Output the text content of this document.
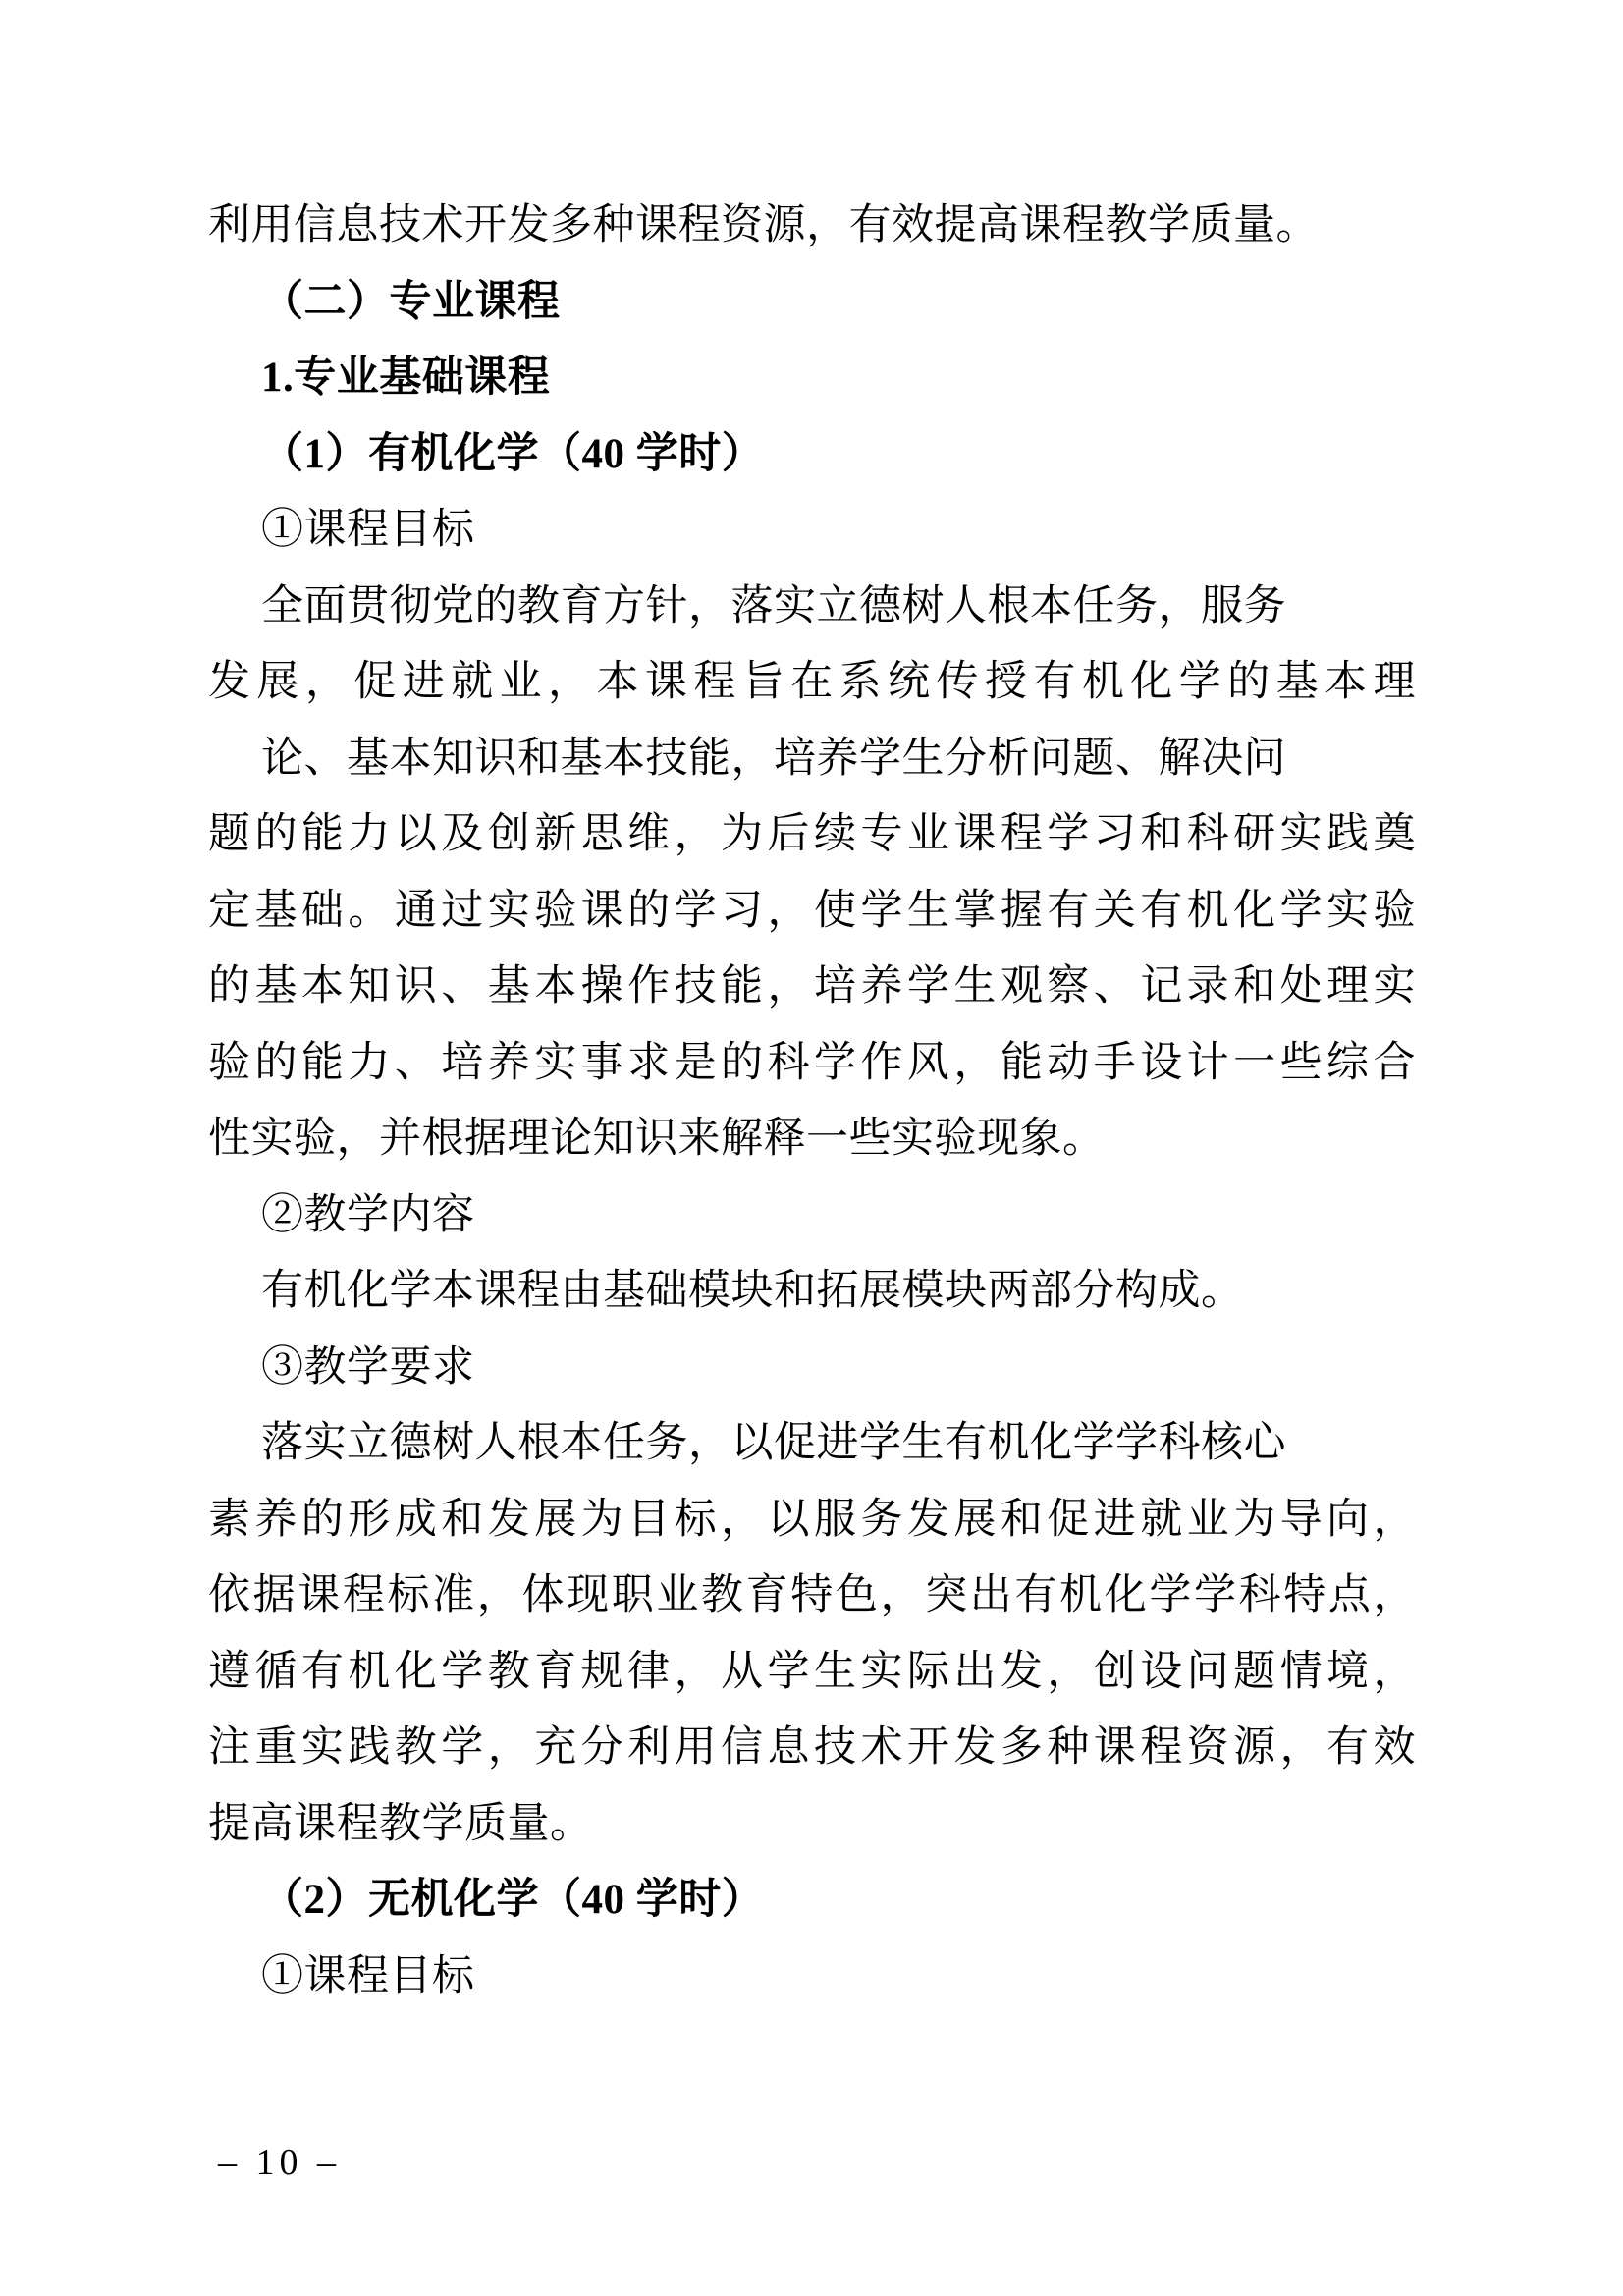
利用信息技术开发多种课程资源，有效提高课程教学质量。
（二）专业课程
1.专业基础课程
（1）有机化学（40 学时）
①课程目标
全面贯彻党的教育方针，落实立德树人根本任务，服务
发展，促进就业，本课程旨在系统传授有机化学的基本理
论、基本知识和基本技能，培养学生分析问题、解决问
题的能力以及创新思维，为后续专业课程学习和科研实践奠
定基础。通过实验课的学习，使学生掌握有关有机化学实验
的基本知识、基本操作技能，培养学生观察、记录和处理实
验的能力、培养实事求是的科学作风，能动手设计一些综合
性实验，并根据理论知识来解释一些实验现象。
②教学内容
有机化学本课程由基础模块和拓展模块两部分构成。
③教学要求
落实立德树人根本任务，以促进学生有机化学学科核心
素养的形成和发展为目标，以服务发展和促进就业为导向，
依据课程标准，体现职业教育特色，突出有机化学学科特点，
遵循有机化学教育规律，从学生实际出发，创设问题情境，
注重实践教学，充分利用信息技术开发多种课程资源，有效
提高课程教学质量。
（2）无机化学（40 学时）
①课程目标
– 10 –
